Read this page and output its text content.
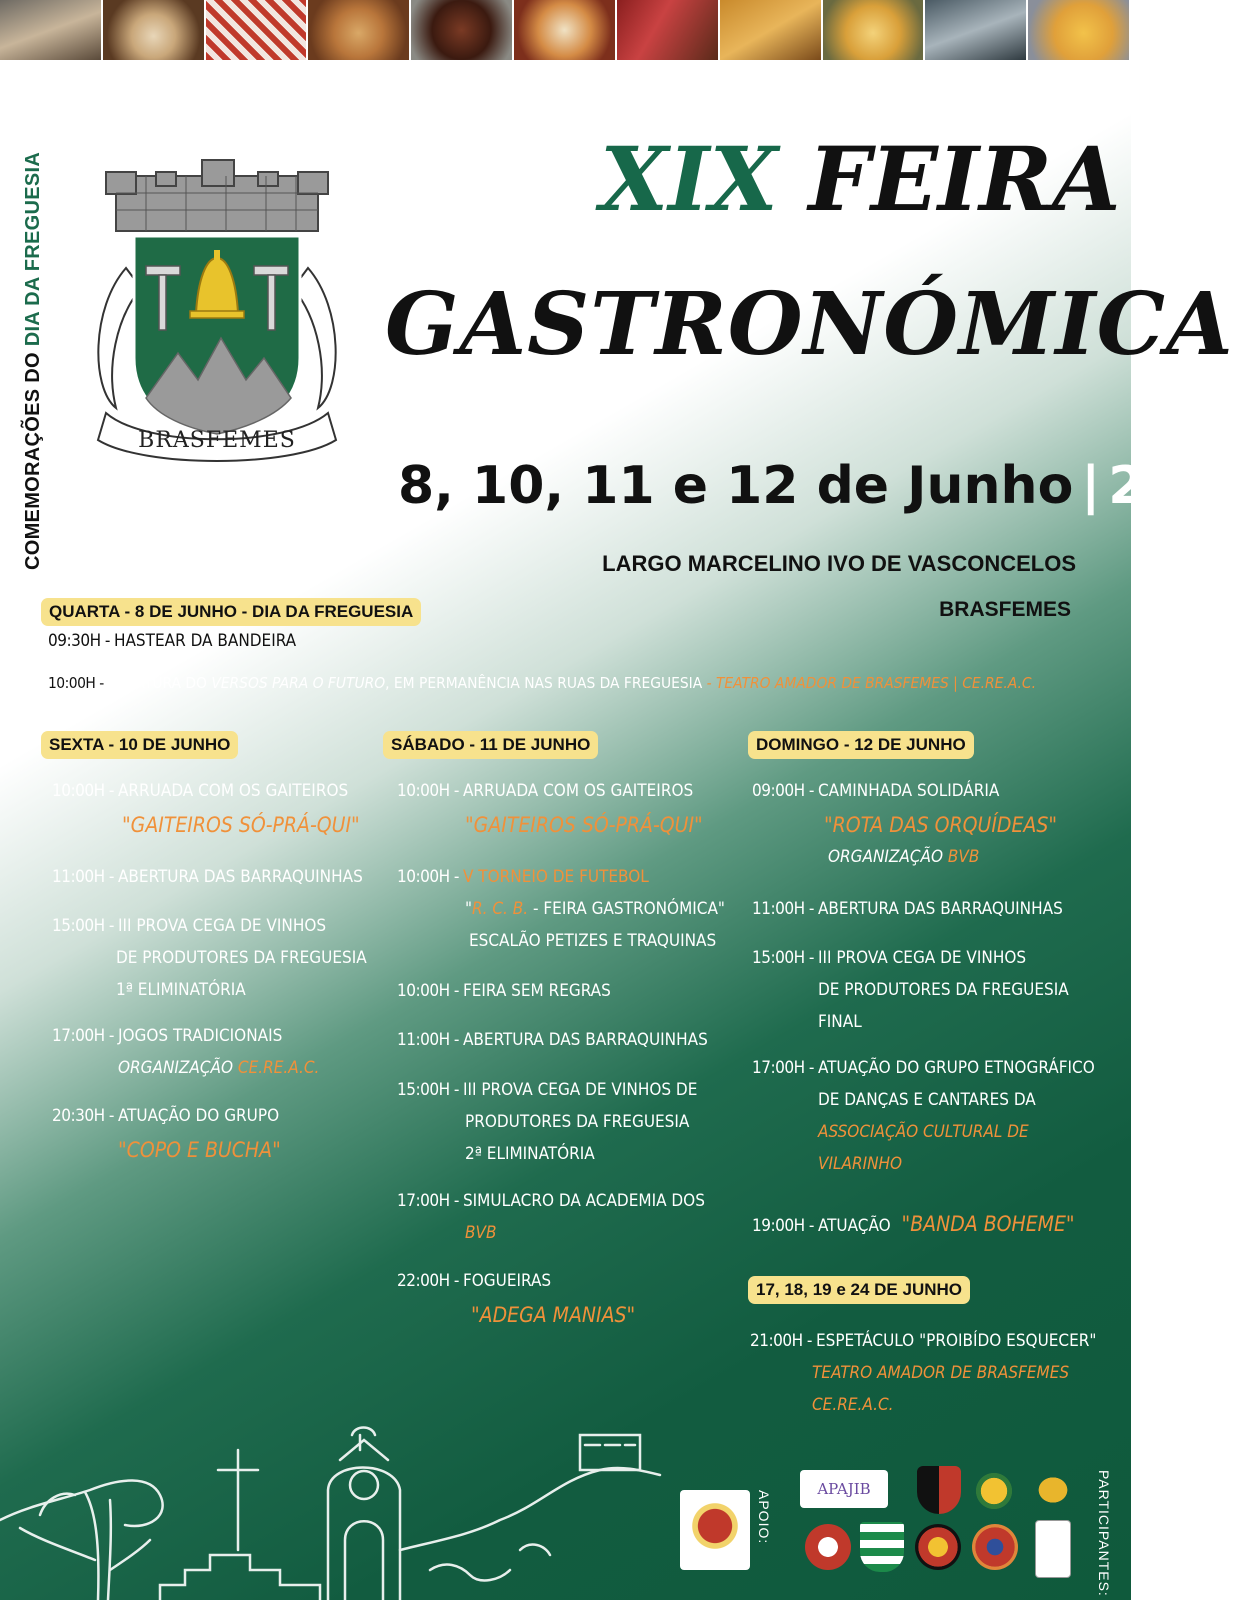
COMEMORAÇÕES DO DIA DA FREGUESIA
BRASFEMES
XIX FEIRA
GASTRONÓMICA
8, 10, 11 e 12 de Junho | 2022
LARGO MARCELINO IVO DE VASCONCELOS
BRASFEMES
QUARTA - 8 DE JUNHO - DIA DA FREGUESIA
09:30H - HASTEAR DA BANDEIRA
10:00H - ABERTURA DO VERSOS PARA O FUTURO, EM PERMANÊNCIA NAS RUAS DA FREGUESIA - TEATRO AMADOR DE BRASFEMES | CE.RE.A.C.
SEXTA - 10 DE JUNHO
10:00H - ARRUADA COM OS GAITEIROS
"GAITEIROS SÓ-PRÁ-QUI"
11:00H - ABERTURA DAS BARRAQUINHAS
15:00H - III PROVA CEGA DE VINHOS
DE PRODUTORES DA FREGUESIA
1ª ELIMINATÓRIA
17:00H - JOGOS TRADICIONAIS
ORGANIZAÇÃO CE.RE.A.C.
20:30H - ATUAÇÃO DO GRUPO
"COPO E BUCHA"
SÁBADO - 11 DE JUNHO
10:00H - ARRUADA COM OS GAITEIROS
"GAITEIROS SÓ-PRÁ-QUI"
10:00H - V TORNEIO DE FUTEBOL
"R. C. B. - FEIRA GASTRONÓMICA"
ESCALÃO PETIZES E TRAQUINAS
10:00H - FEIRA SEM REGRAS
11:00H - ABERTURA DAS BARRAQUINHAS
15:00H - III PROVA CEGA DE VINHOS DE
PRODUTORES DA FREGUESIA
2ª ELIMINATÓRIA
17:00H - SIMULACRO DA ACADEMIA DOS
BVB
22:00H - FOGUEIRAS
"ADEGA MANIAS"
DOMINGO - 12 DE JUNHO
09:00H - CAMINHADA SOLIDÁRIA
"ROTA DAS ORQUÍDEAS"
ORGANIZAÇÃO BVB
11:00H - ABERTURA DAS BARRAQUINHAS
15:00H - III PROVA CEGA DE VINHOS
DE PRODUTORES DA FREGUESIA
FINAL
17:00H - ATUAÇÃO DO GRUPO ETNOGRÁFICO
DE DANÇAS E CANTARES DA
ASSOCIAÇÃO CULTURAL DE
VILARINHO
19:00H - ATUAÇÃO "BANDA BOHEME"
17, 18, 19 e 24 DE JUNHO
21:00H - ESPETÁCULO "PROIBÍDO ESQUECER"
TEATRO AMADOR DE BRASFEMES
CE.RE.A.C.
APOIO:
APAJIB	PARTICIPANTES:
